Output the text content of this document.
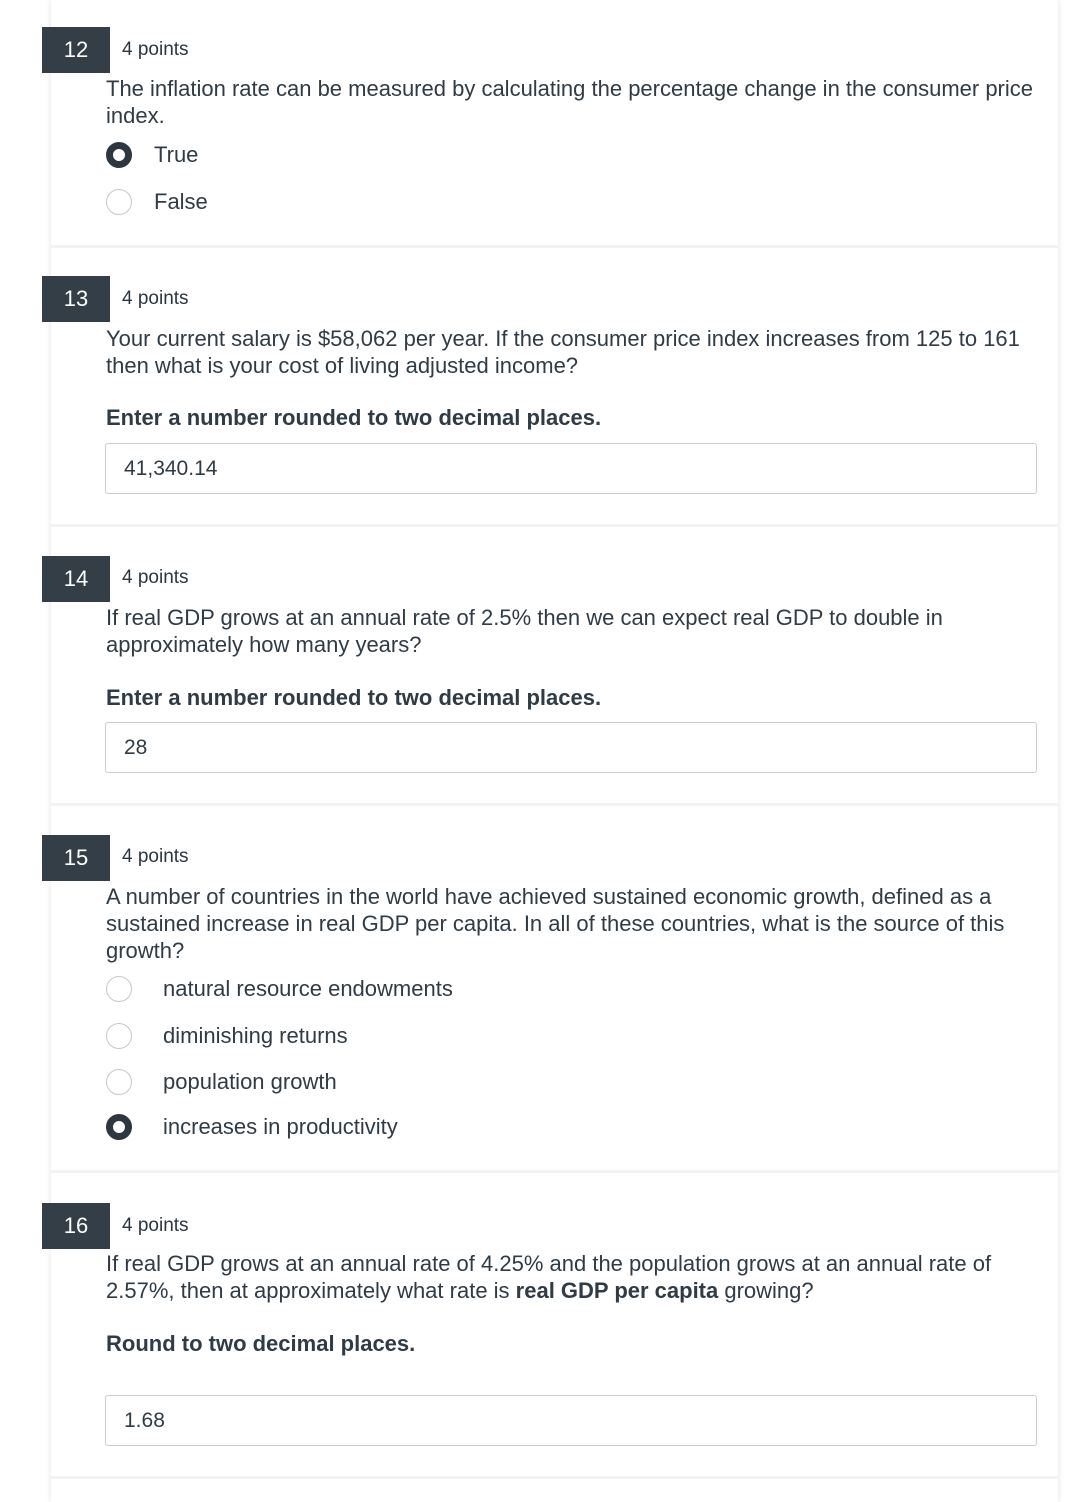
12	4 points
The inflation rate can be measured by calculating the percentage change in the consumer price index.
True
False
13	4 points
Your current salary is $58,062 per year. If the consumer price index increases from 125 to 161 then what is your cost of living adjusted income?
Enter a number rounded to two decimal places.
41,340.14
14	4 points
If real GDP grows at an annual rate of 2.5% then we can expect real GDP to double in approximately how many years?
Enter a number rounded to two decimal places.
28
15	4 points
A number of countries in the world have achieved sustained economic growth, defined as a sustained increase in real GDP per capita. In all of these countries, what is the source of this growth?
natural resource endowments
diminishing returns
population growth
increases in productivity
16	4 points
If real GDP grows at an annual rate of 4.25% and the population grows at an annual rate of 2.57%, then at approximately what rate is real GDP per capita growing?
Round to two decimal places.
1.68
